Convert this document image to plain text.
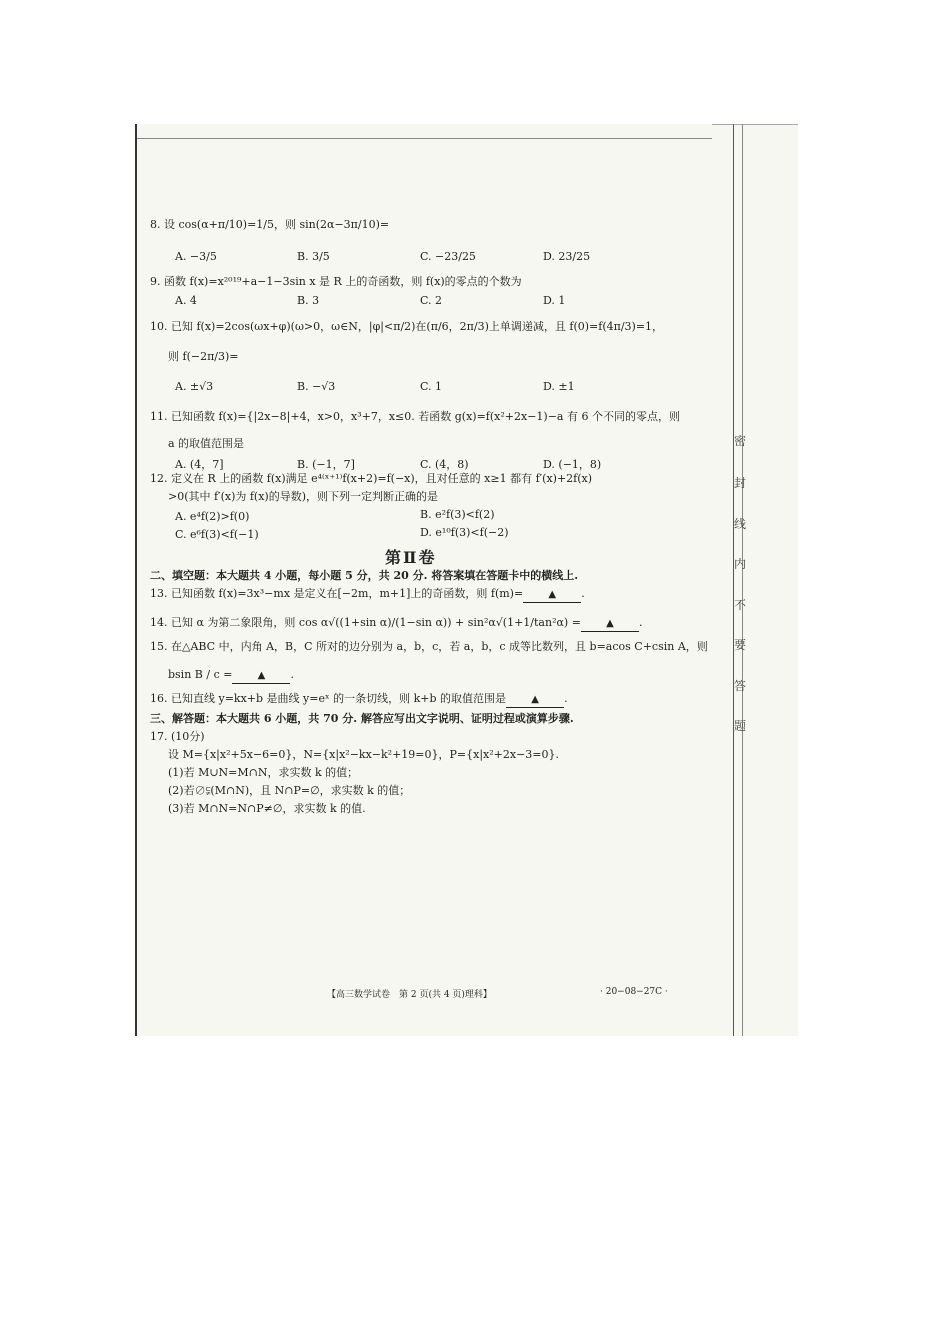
密
封
线
内
不
要
答
题
8. 设 cos(α+π/10)=1/5，则 sin(2α−3π/10)=
A. −3/5	B. 3/5	C. −23/25	D. 23/25
9. 函数 f(x)=x²⁰¹⁹+a−1−3sin x 是 R 上的奇函数，则 f(x)的零点的个数为
A. 4	B. 3	C. 2	D. 1
10. 已知 f(x)=2cos(ωx+φ)(ω>0，ω∈N，|φ|<π/2)在(π/6，2π/3)上单调递减，且 f(0)=f(4π/3)=1，
则 f(−2π/3)=
A. ±√3	B. −√3	C. 1	D. ±1
11. 已知函数 f(x)={|2x−8|+4，x>0，x³+7，x≤0. 若函数 g(x)=f(x²+2x−1)−a 有 6 个不同的零点，则
a 的取值范围是
A. (4，7]	B. (−1，7]	C. (4，8)	D. (−1，8)
12. 定义在 R 上的函数 f(x)满足 e⁴⁽ˣ⁺¹⁾f(x+2)=f(−x)，且对任意的 x≥1 都有 f′(x)+2f(x)
>0(其中 f′(x)为 f(x)的导数)，则下列一定判断正确的是
A. e⁴f(2)>f(0)	B. e²f(3)<f(2)
C. e⁶f(3)<f(−1)	D. e¹⁰f(3)<f(−2)
第Ⅱ卷
二、填空题：本大题共 4 小题，每小题 5 分，共 20 分. 将答案填在答题卡中的横线上.
13. 已知函数 f(x)=3x³−mx 是定义在[−2m，m+1]上的奇函数，则 f(m)=	▲ .
14. 已知 α 为第二象限角，则 cos α√((1+sin α)/(1−sin α)) + sin²α√(1+1/tan²α) =	▲ .
15. 在△ABC 中，内角 A，B，C 所对的边分别为 a，b，c，若 a，b，c 成等比数列，且 b=acos C+csin A，则
bsin B / c =	▲ .
16. 已知直线 y=kx+b 是曲线 y=eˣ 的一条切线，则 k+b 的取值范围是	▲ .
三、解答题：本大题共 6 小题，共 70 分. 解答应写出文字说明、证明过程或演算步骤.
17. (10分)
设 M={x|x²+5x−6=0}，N={x|x²−kx−k²+19=0}，P={x|x²+2x−3=0}.
(1)若 M∪N=M∩N，求实数 k 的值；
(2)若∅⫋(M∩N)，且 N∩P=∅，求实数 k 的值；
(3)若 M∩N=N∩P≠∅，求实数 k 的值.
【高三数学试卷　第 2 页(共 4 页)理科】	· 20−08−27C ·
